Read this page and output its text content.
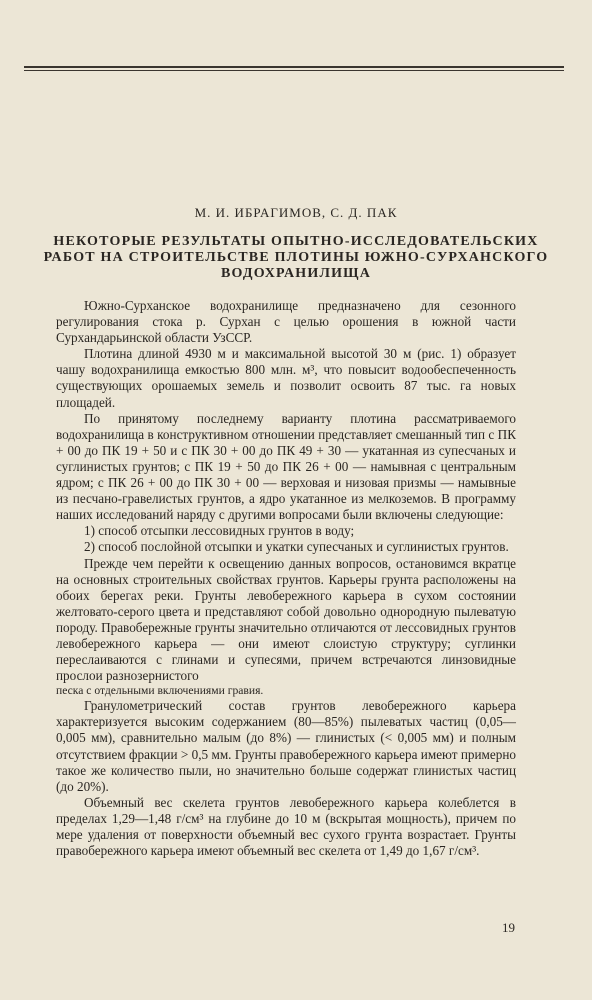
М. И. ИБРАГИМОВ, С. Д. ПАК
НЕКОТОРЫЕ РЕЗУЛЬТАТЫ ОПЫТНО-ИССЛЕДОВАТЕЛЬСКИХ
РАБОТ НА СТРОИТЕЛЬСТВЕ ПЛОТИНЫ ЮЖНО-СУРХАНСКОГО
ВОДОХРАНИЛИЩА

Южно-Сурханское водохранилище предназначено для сезонного регулирования стока р. Сурхан с целью орошения в южной части Сурхандарьинской области УзССР.

Плотина длиной 4930 м и максимальной высотой 30 м (рис. 1) образует чашу водохранилища емкостью 800 млн. м³, что повысит водообеспеченность существующих орошаемых земель и позволит освоить 87 тыс. га новых площадей.

По принятому последнему варианту плотина рассматриваемого водохранилища в конструктивном отношении представляет смешанный тип с ПК + 00 до ПК 19 + 50 и с ПК 30 + 00 до ПК 49 + 30 — укатанная из супесчаных и суглинистых грунтов; с ПК 19 + 50 до ПК 26 + 00 — намывная с центральным ядром; с ПК 26 + 00 до ПК 30 + 00 — верховая и низовая призмы — намывные из песчано-гравелистых грунтов, а ядро укатанное из мелкоземов. В программу наших исследований наряду с другими вопросами были включены следующие:

1) способ отсыпки лессовидных грунтов в воду;

2) способ послойной отсыпки и укатки супесчаных и суглинистых грунтов.

Прежде чем перейти к освещению данных вопросов, остановимся вкратце на основных строительных свойствах грунтов. Карьеры грунта расположены на обоих берегах реки. Грунты левобережного карьера в сухом состоянии желтовато-серого цвета и представляют собой довольно однородную пылеватую породу. Правобережные грунты значительно отличаются от лессовидных грунтов левобережного карьера — они имеют слоистую структуру; суглинки переслаиваются с глинами и супесями, причем встречаются линзовидные прослои разнозернистого

песка с отдельными включениями гравия.

Гранулометрический состав грунтов левобережного карьера характеризуется высоким содержанием (80—85%) пылеватых частиц (0,05—0,005 мм), сравнительно малым (до 8%) — глинистых (< 0,005 мм) и полным отсутствием фракции > 0,5 мм. Грунты правобережного карьера имеют примерно такое же количество пыли, но значительно больше содержат глинистых частиц (до 20%).

Объемный вес скелета грунтов левобережного карьера колеблется в пределах 1,29—1,48 г/см³ на глубине до 10 м (вскрытая мощность), причем по мере удаления от поверхности объемный вес сухого грунта возрастает. Грунты правобережного карьера имеют объемный вес скелета от 1,49 до 1,67 г/см³.

19
